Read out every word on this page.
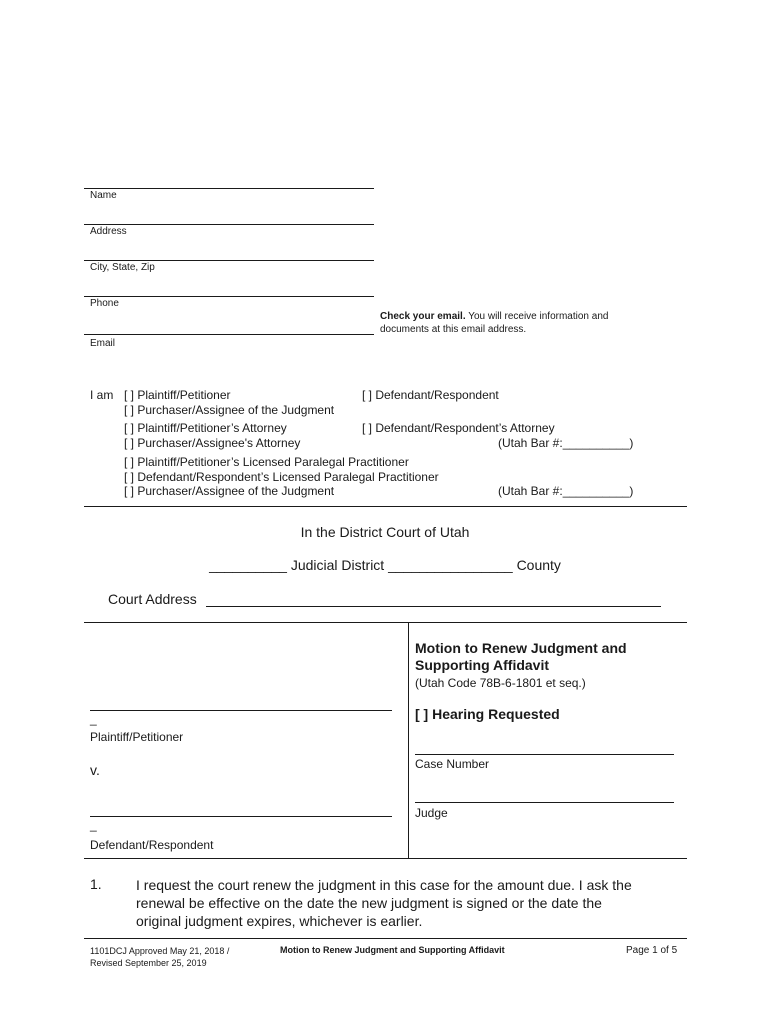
Name
Address
City, State, Zip
Phone
Email
Check your email. You will receive information and
documents at this email address.
I am [ ] Plaintiff/Petitioner	[ ] Defendant/Respondent
[ ] Purchaser/Assignee of the Judgment
[ ] Plaintiff/Petitioner’s Attorney	[ ] Defendant/Respondent’s Attorney
[ ] Purchaser/Assignee's Attorney	(Utah Bar #:__________)
[ ] Plaintiff/Petitioner’s Licensed Paralegal Practitioner
[ ] Defendant/Respondent’s Licensed Paralegal Practitioner
[ ] Purchaser/Assignee of the Judgment	(Utah Bar #:__________)
In the District Court of Utah
__________ Judicial District ________________ County
Court Address
Motion to Renew Judgment and
Supporting Affidavit
(Utah Code 78B-6-1801 et seq.)
[ ] Hearing Requested
_
Plaintiff/Petitioner
v.	Case Number
Judge
_
Defendant/Respondent
1. I request the court renew the judgment in this case for the amount due. I ask the
renewal be effective on the date the new judgment is signed or the date the
original judgment expires, whichever is earlier.
1101DCJ Approved May 21, 2018 /
Revised September 25, 2019
Motion to Renew Judgment and Supporting Affidavit	Page 1 of 5
